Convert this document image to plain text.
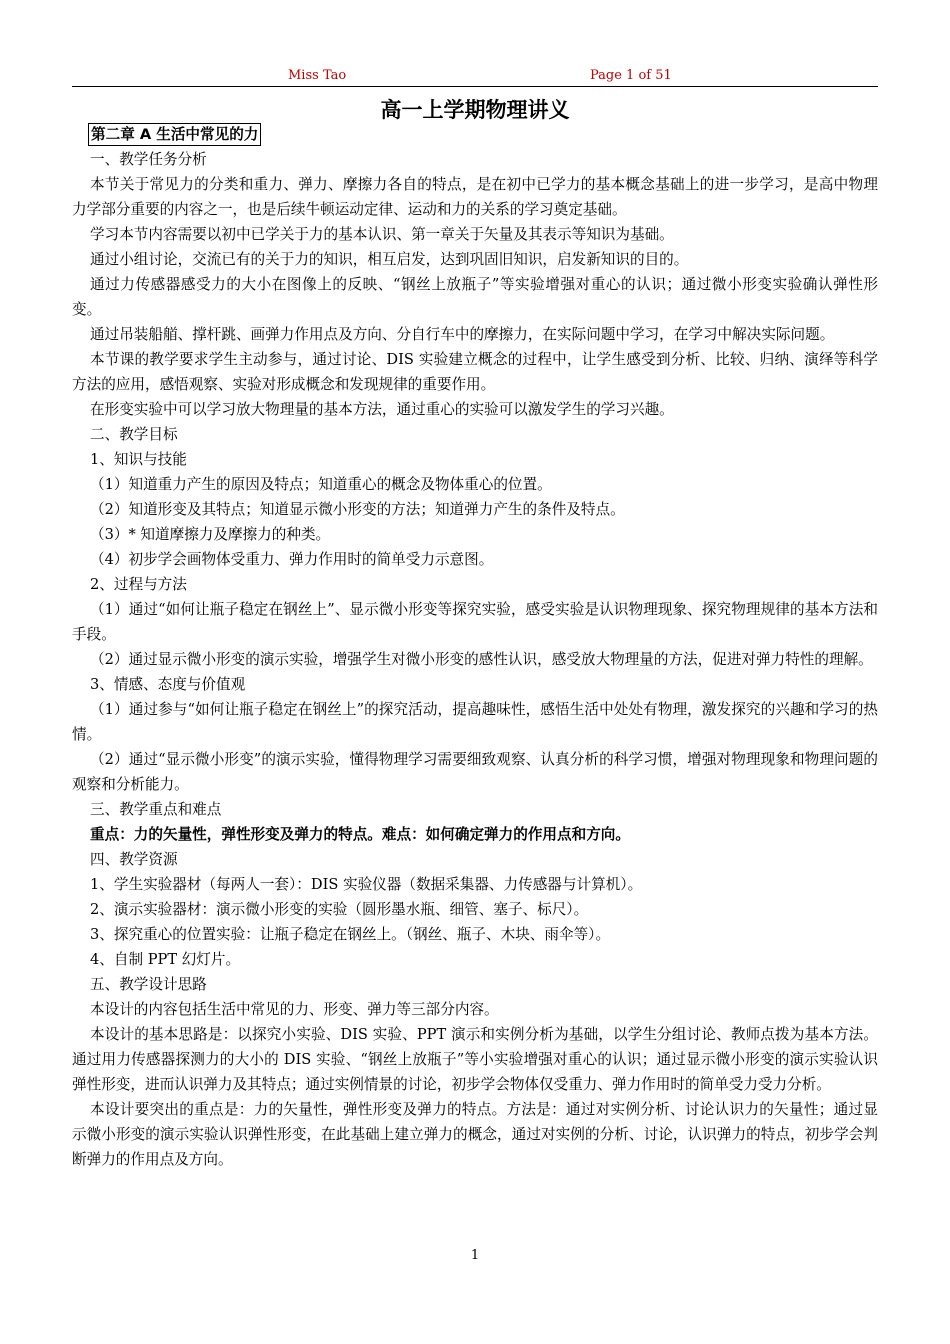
Miss Tao	Page 1 of 51
高一上学期物理讲义

第二章 A 生活中常见的力

一、教学任务分析

本节关于常见力的分类和重力、弹力、摩擦力各自的特点，是在初中已学力的基本概念基础上的进一步学习，是高中物理力学部分重要的内容之一，也是后续牛顿运动定律、运动和力的关系的学习奠定基础。

学习本节内容需要以初中已学关于力的基本认识、第一章关于矢量及其表示等知识为基础。

通过小组讨论，交流已有的关于力的知识，相互启发，达到巩固旧知识，启发新知识的目的。

通过力传感器感受力的大小在图像上的反映、“钢丝上放瓶子”等实验增强对重心的认识；通过微小形变实验确认弹性形变。

通过吊装船艏、撑杆跳、画弹力作用点及方向、分自行车中的摩擦力，在实际问题中学习，在学习中解决实际问题。

本节课的教学要求学生主动参与，通过讨论、DIS 实验建立概念的过程中，让学生感受到分析、比较、归纳、演绎等科学方法的应用，感悟观察、实验对形成概念和发现规律的重要作用。

在形变实验中可以学习放大物理量的基本方法，通过重心的实验可以激发学生的学习兴趣。

二、教学目标

1、知识与技能

（1）知道重力产生的原因及特点；知道重心的概念及物体重心的位置。

（2）知道形变及其特点；知道显示微小形变的方法；知道弹力产生的条件及特点。

（3）* 知道摩擦力及摩擦力的种类。

（4）初步学会画物体受重力、弹力作用时的简单受力示意图。

2、过程与方法

（1）通过“如何让瓶子稳定在钢丝上”、显示微小形变等探究实验，感受实验是认识物理现象、探究物理规律的基本方法和手段。

（2）通过显示微小形变的演示实验，增强学生对微小形变的感性认识，感受放大物理量的方法，促进对弹力特性的理解。

3、情感、态度与价值观

（1）通过参与“如何让瓶子稳定在钢丝上”的探究活动，提高趣味性，感悟生活中处处有物理，激发探究的兴趣和学习的热情。

（2）通过“显示微小形变”的演示实验，懂得物理学习需要细致观察、认真分析的科学习惯，增强对物理现象和物理问题的观察和分析能力。

三、教学重点和难点

重点：力的矢量性，弹性形变及弹力的特点。难点：如何确定弹力的作用点和方向。

四、教学资源

1、学生实验器材（每两人一套）：DIS 实验仪器（数据采集器、力传感器与计算机）。

2、演示实验器材：演示微小形变的实验（圆形墨水瓶、细管、塞子、标尺）。

3、探究重心的位置实验：让瓶子稳定在钢丝上。（钢丝、瓶子、木块、雨伞等）。

4、自制 PPT 幻灯片。

五、教学设计思路

本设计的内容包括生活中常见的力、形变、弹力等三部分内容。

本设计的基本思路是：以探究小实验、DIS 实验、PPT 演示和实例分析为基础，以学生分组讨论、教师点拨为基本方法。通过用力传感器探测力的大小的 DIS 实验、“钢丝上放瓶子”等小实验增强对重心的认识；通过显示微小形变的演示实验认识弹性形变，进而认识弹力及其特点；通过实例情景的讨论，初步学会物体仅受重力、弹力作用时的简单受力受力分析。

本设计要突出的重点是：力的矢量性，弹性形变及弹力的特点。方法是：通过对实例分析、讨论认识力的矢量性；通过显示微小形变的演示实验认识弹性形变，在此基础上建立弹力的概念，通过对实例的分析、讨论，认识弹力的特点，初步学会判断弹力的作用点及方向。

1
